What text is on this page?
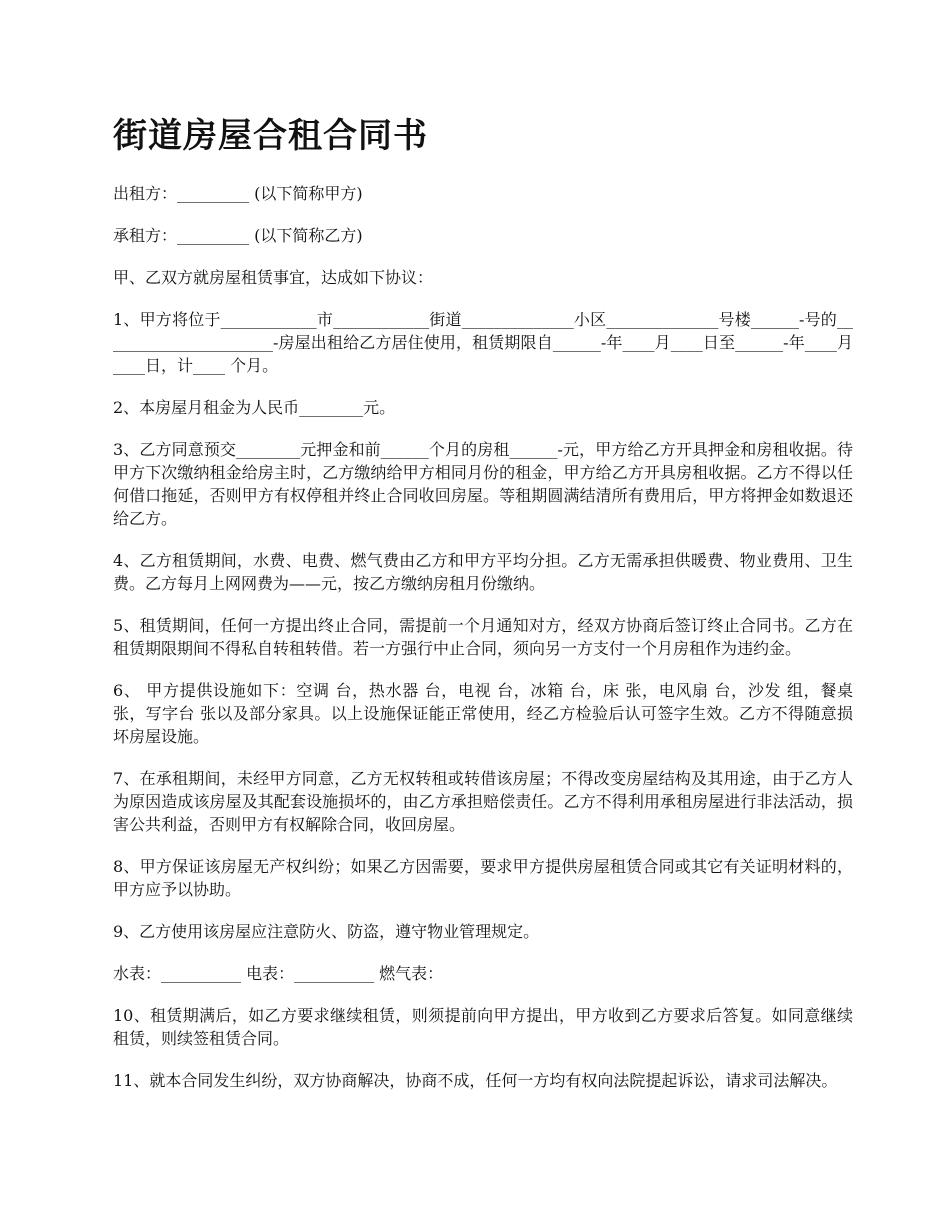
街道房屋合租合同书

出租方：_________ (以下简称甲方)

承租方：_________ (以下简称乙方)

甲、乙双方就房屋租赁事宜，达成如下协议：

1、甲方将位于____________市____________街道______________小区______________号楼______-号的______________________-房屋出租给乙方居住使用，租赁期限自______-年____月____日至______-年____月____日，计____ 个月。

2、本房屋月租金为人民币________元。

3、乙方同意预交________元押金和前______个月的房租______-元，甲方给乙方开具押金和房租收据。待甲方下次缴纳租金给房主时，乙方缴纳给甲方相同月份的租金，甲方给乙方开具房租收据。乙方不得以任何借口拖延，否则甲方有权停租并终止合同收回房屋。等租期圆满结清所有费用后，甲方将押金如数退还给乙方。

4、乙方租赁期间，水费、电费、燃气费由乙方和甲方平均分担。乙方无需承担供暖费、物业费用、卫生费。乙方每月上网网费为——元，按乙方缴纳房租月份缴纳。

5、租赁期间，任何一方提出终止合同，需提前一个月通知对方，经双方协商后签订终止合同书。乙方在租赁期限期间不得私自转租转借。若一方强行中止合同，须向另一方支付一个月房租作为违约金。

6、 甲方提供设施如下：空调 台，热水器 台，电视 台，冰箱 台，床 张，电风扇 台，沙发 组，餐桌 张，写字台 张以及部分家具。以上设施保证能正常使用，经乙方检验后认可签字生效。乙方不得随意损坏房屋设施。

7、在承租期间，未经甲方同意，乙方无权转租或转借该房屋；不得改变房屋结构及其用途，由于乙方人为原因造成该房屋及其配套设施损坏的，由乙方承担赔偿责任。乙方不得利用承租房屋进行非法活动，损害公共利益，否则甲方有权解除合同，收回房屋。

8、甲方保证该房屋无产权纠纷；如果乙方因需要，要求甲方提供房屋租赁合同或其它有关证明材料的，甲方应予以协助。

9、乙方使用该房屋应注意防火、防盗，遵守物业管理规定。

水表：__________ 电表：__________ 燃气表：

10、租赁期满后，如乙方要求继续租赁，则须提前向甲方提出，甲方收到乙方要求后答复。如同意继续租赁，则续签租赁合同。

11、就本合同发生纠纷，双方协商解决，协商不成，任何一方均有权向法院提起诉讼，请求司法解决。
